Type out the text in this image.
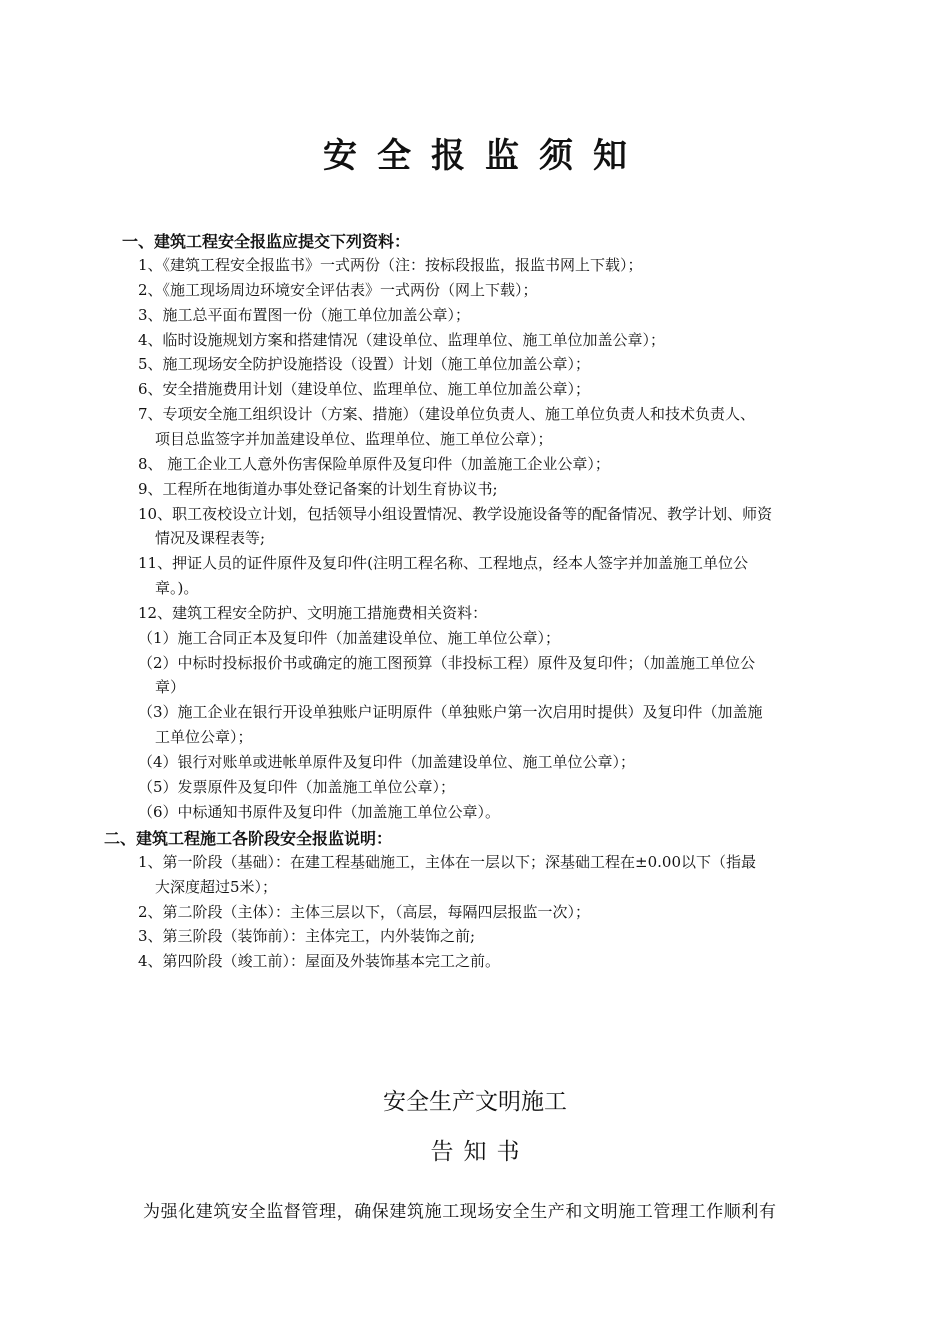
安全报监须知
一、建筑工程安全报监应提交下列资料：
1、《建筑工程安全报监书》一式两份（注：按标段报监，报监书网上下载）；
2、《施工现场周边环境安全评估表》一式两份（网上下载）；
3、施工总平面布置图一份（施工单位加盖公章）；
4、临时设施规划方案和搭建情况（建设单位、监理单位、施工单位加盖公章）；
5、施工现场安全防护设施搭设（设置）计划（施工单位加盖公章）；
6、安全措施费用计划（建设单位、监理单位、施工单位加盖公章）；
7、专项安全施工组织设计（方案、措施）（建设单位负责人、施工单位负责人和技术负责人、
项目总监签字并加盖建设单位、监理单位、施工单位公章）；
8、 施工企业工人意外伤害保险单原件及复印件（加盖施工企业公章）；
9、工程所在地街道办事处登记备案的计划生育协议书;
10、职工夜校设立计划，包括领导小组设置情况、教学设施设备等的配备情况、教学计划、师资
情况及课程表等;
11、押证人员的证件原件及复印件(注明工程名称、工程地点，经本人签字并加盖施工单位公
章。)。
12、建筑工程安全防护、文明施工措施费相关资料：
（1）施工合同正本及复印件（加盖建设单位、施工单位公章）；
（2）中标时投标报价书或确定的施工图预算（非投标工程）原件及复印件；（加盖施工单位公
章）
（3）施工企业在银行开设单独账户证明原件（单独账户第一次启用时提供）及复印件（加盖施
工单位公章）；
（4）银行对账单或进帐单原件及复印件（加盖建设单位、施工单位公章）；
（5）发票原件及复印件（加盖施工单位公章）；
（6）中标通知书原件及复印件（加盖施工单位公章）。
二、建筑工程施工各阶段安全报监说明：
1、第一阶段（基础）：在建工程基础施工，主体在一层以下；深基础工程在±0.00以下（指最
大深度超过5米）；
2、第二阶段（主体）：主体三层以下，（高层，每隔四层报监一次）；
3、第三阶段（装饰前）：主体完工，内外装饰之前;
4、第四阶段（竣工前）：屋面及外装饰基本完工之前。
安全生产文明施工
告知书
为强化建筑安全监督管理，确保建筑施工现场安全生产和文明施工管理工作顺利有
